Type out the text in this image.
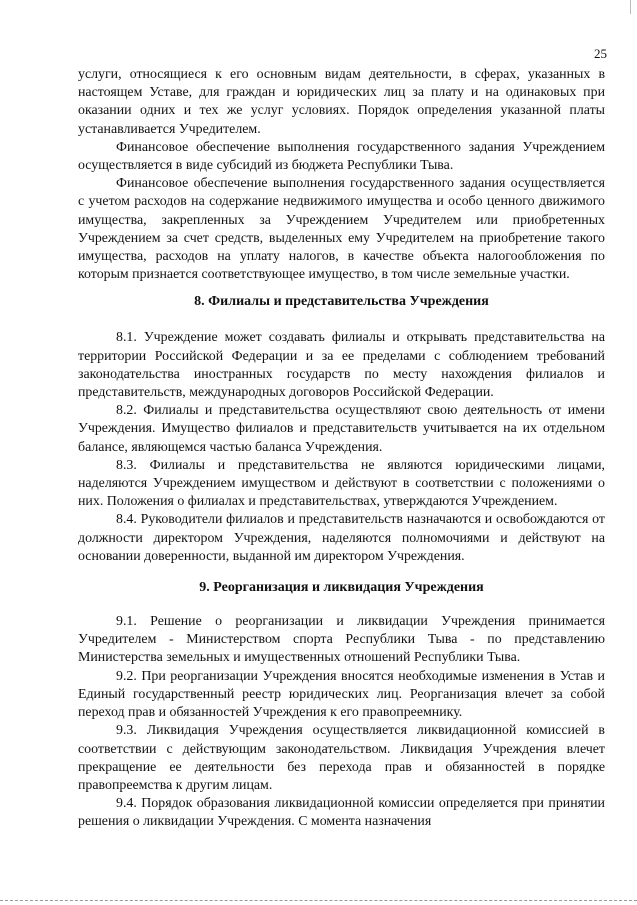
25

услуги, относящиеся к его основным видам деятельности, в сферах, указанных в настоящем Уставе, для граждан и юридических лиц за плату и на одинаковых при оказании одних и тех же услуг условиях. Порядок определения указанной платы устанавливается Учредителем.

Финансовое обеспечение выполнения государственного задания Учреждением осуществляется в виде субсидий из бюджета Республики Тыва.

Финансовое обеспечение выполнения государственного задания осуществляется с учетом расходов на содержание недвижимого имущества и особо ценного движимого имущества, закрепленных за Учреждением Учредителем или приобретенных Учреждением за счет средств, выделенных ему Учредителем на приобретение такого имущества, расходов на уплату налогов, в качестве объекта налогообложения по которым признается соответствующее имущество, в том числе земельные участки.

8. Филиалы и представительства Учреждения

8.1. Учреждение может создавать филиалы и открывать представительства на территории Российской Федерации и за ее пределами с соблюдением требований законодательства иностранных государств по месту нахождения филиалов и представительств, международных договоров Российской Федерации.

8.2. Филиалы и представительства осуществляют свою деятельность от имени Учреждения. Имущество филиалов и представительств учитывается на их отдельном балансе, являющемся частью баланса Учреждения.

8.3. Филиалы и представительства не являются юридическими лицами, наделяются Учреждением имуществом и действуют в соответствии с положениями о них. Положения о филиалах и представительствах, утверждаются Учреждением.

8.4. Руководители филиалов и представительств назначаются и освобождаются от должности директором Учреждения, наделяются полномочиями и действуют на основании доверенности, выданной им директором Учреждения.

9. Реорганизация и ликвидация Учреждения

9.1. Решение о реорганизации и ликвидации Учреждения принимается Учредителем - Министерством спорта Республики Тыва - по представлению Министерства земельных и имущественных отношений Республики Тыва.

9.2. При реорганизации Учреждения вносятся необходимые изменения в Устав и Единый государственный реестр юридических лиц. Реорганизация влечет за собой переход прав и обязанностей Учреждения к его правопреемнику.

9.3. Ликвидация Учреждения осуществляется ликвидационной комиссией в соответствии с действующим законодательством. Ликвидация Учреждения влечет прекращение ее деятельности без перехода прав и обязанностей в порядке правопреемства к другим лицам.

9.4. Порядок образования ликвидационной комиссии определяется при принятии решения о ликвидации Учреждения. С момента назначения
